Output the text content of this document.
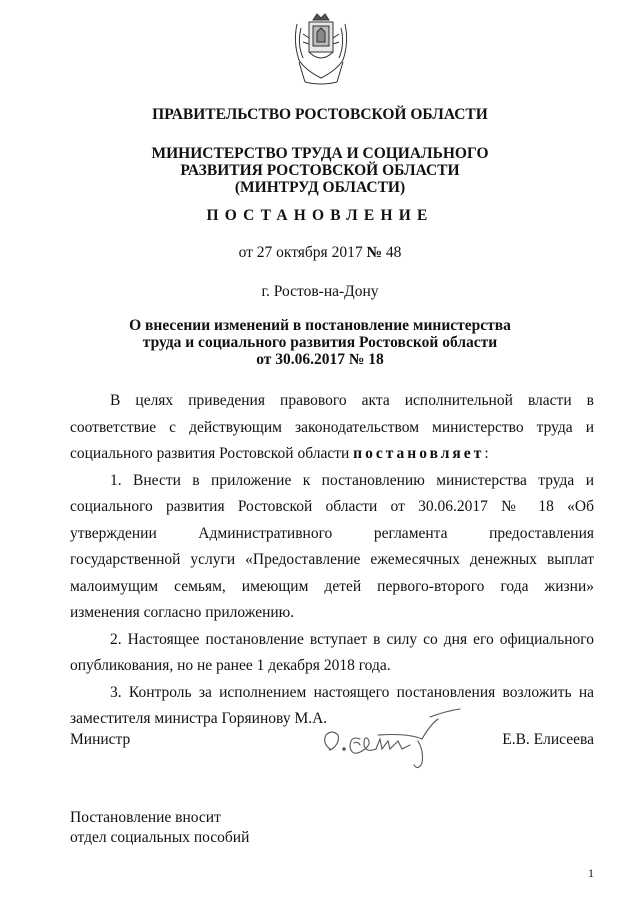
ПРАВИТЕЛЬСТВО РОСТОВСКОЙ ОБЛАСТИ
МИНИСТЕРСТВО ТРУДА И СОЦИАЛЬНОГО
РАЗВИТИЯ РОСТОВСКОЙ ОБЛАСТИ
(МИНТРУД ОБЛАСТИ)
ПОСТАНОВЛЕНИЕ
от 27 октября 2017 № 48
г. Ростов-на-Дону
О внесении изменений в постановление министерства
труда и социального развития Ростовской области
от 30.06.2017 № 18

В целях приведения правового акта исполнительной власти в соответствие с действующим законодательством министерство труда и социального развития Ростовской области постановляет:

1. Внести в приложение к постановлению министерства труда и социального развития Ростовской области от 30.06.2017 № 18 «Об утверждении Административного регламента предоставления государственной услуги «Предоставление ежемесячных денежных выплат малоимущим семьям, имеющим детей первого-второго года жизни» изменения согласно приложению.

2. Настоящее постановление вступает в силу со дня его официального опубликования, но не ранее 1 декабря 2018 года.

3. Контроль за исполнением настоящего постановления возложить на заместителя министра Горяинову М.А.

Министр	Е.В. Елисеева
Постановление вносит
отдел социальных пособий
1
